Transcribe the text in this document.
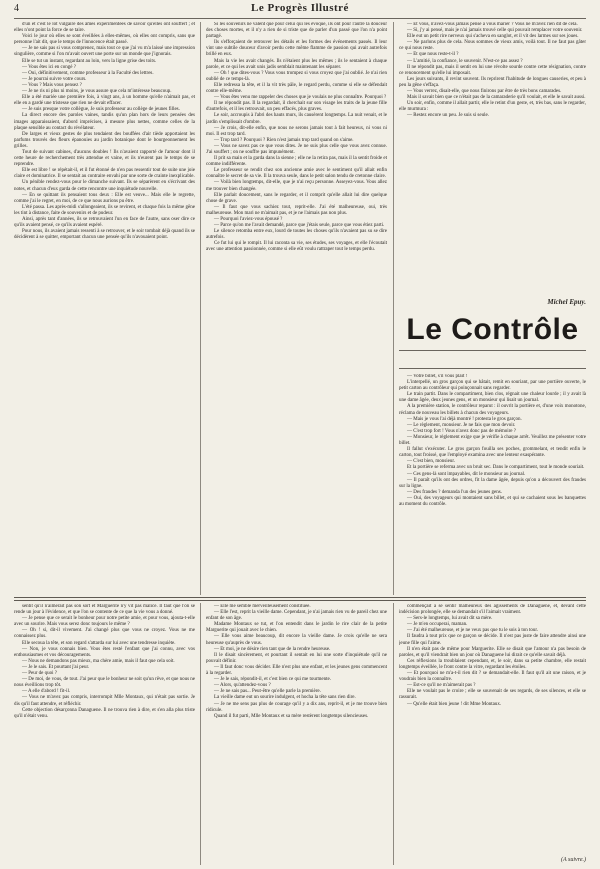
4	Le Progrès Illustré

d'un et c'est le lot vulgaire des âmes expérimentées de savoir qu'elles ont souffert ; et elles n'ont point la force de se taire.

Voici le jour où elles se sont éveillées à elles-mêmes, où elles ont compris, sans que personne l'ait dit, que le temps de l'innocence était passé.

— Je ne sais pas si vous comprenez, mais tout ce que j'ai vu m'a laissé une impression singulière, comme si l'on m'avait ouvert une porte sur un monde que j'ignorais.

Elle se tut un instant, regardant au loin, vers la ligne grise des toits.

— Vous êtes ici en congé ?

— Oui, définitivement, comme professeur à la Faculté des lettres.

— Je pourrai suivre votre cours.

— Vous ? Mais vous pensez ?

— Je ne ris ni plus ni moins, je vous assure que cela m'intéresse beaucoup.

Elle a été mariée une première fois, à vingt ans, à un homme qu'elle n'aimait pas, et elle en a gardé une tristesse que rien ne devait effacer.

— Je suis presque votre collègue, Je suis professeur au collège de jeunes filles.

La direct encore des paroles vaines, tandis qu'un plan hors de leurs pensées des images apparaissaient, d'abord imprécises, à mesure plus nettes, comme celles de la plaque sensible au contact du révélateur.

De larges et vieux gestes de plus tendaient des bouffées d'air tiède apportaient les parfums trouvés des fleurs épanouies au jardin botanique dont le bourgeonnement les grilles.

Tout de suivant cabines, d'aucuns doubles ! Ils n'avaient rapporté de l'amour dont il cette heure de recherchement très attendue et vaine, et ils n'eurent pas le temps de se reprendre.

Elle est libre ! se répétait-il, et il fut étonné de n'en pas ressentir tout de suite une joie claire et dominatrice. Il se sentait au contraire envahi par une sorte de crainte inexplicable.

Un pénible rendez-vous pour le dimanche suivant. Ils se séparèrent en s'écrivant des notes, et chacun d'eux garda de cette rencontre une inquiétude nouvelle.

— En se quittant ils pensaient tous deux : Elle est veuve... Mais elle le regrette, comme j'ai le regret, en moi, de ce que nous aurions pu être.

L'été passa. Les après-midi s'allongeaient, ils se revirent, et chaque fois la même gêne les tint à distance, faite de souvenirs et de pudeur.

Ainsi, après tant d'années, ils se retrouvaient l'un en face de l'autre, sans oser dire ce qu'ils avaient pensé, ce qu'ils avaient espéré.

Pour nous, ils avaient jamais ressenti à se retrouver, et le soir tombait déjà quand ils se décidèrent à se quitter, emportant chacun une pensée qu'ils n'avouaient point.

Si les souvenirs ne valent que pour celui qui les évoque, ils ont pour l'autre la douceur des choses mortes, et il n'y a rien de si triste que de parler d'un passé que l'on n'a point partagé.

Ils s'efforçaient de retrouver les détails et les formes des événements passés. Il leur vint une subtile douceur d'avoir perdu cette même flamme de passion qui avait autrefois brillé en eux.

Mais la vie les avait changés. Ils n'étaient plus les mêmes ; ils le sentaient à chaque parole, et ce qui les avait unis jadis semblait maintenant les séparer.

— Oh ! que dites-vous ? Vous vous trompez si vous croyez que j'ai oublié. Je n'ai rien oublié de ce temps-là.

Elle redressa la tête, et il la vit très pâle, le regard perdu, comme si elle se défendait contre elle-même.

— Vous êtes venu me rappeler des choses que je voulais ne plus connaître. Pourquoi ?

Il ne répondit pas. Il la regardait, il cherchait sur son visage les traits de la jeune fille d'autrefois, et il les retrouvait, un peu effacés, plus graves.

Le soir, accroupis à l'abri des hauts murs, ils causèrent longtemps. La nuit venait, et le jardin s'emplissait d'ombre.

— Je crois, dit-elle enfin, que nous ne serons jamais tout à fait heureux, ni vous ni moi. Il est trop tard.

— Trop tard ? Pourquoi ? Rien n'est jamais trop tard quand on s'aime.

— Vous ne savez pas ce que vous dites. Je ne suis plus celle que vous avez connue. J'ai souffert ; on ne souffre pas impunément.

Il prit sa main et la garda dans la sienne ; elle ne la retira pas, mais il la sentit froide et comme indifférente.

Le professeur se rendit chez son ancienne amie avec le sentiment qu'il allait enfin connaître le secret de sa vie. Il la trouva seule, dans le petit salon tendu de cretonne claire.

— Voilà bien longtemps, dit-elle, que je n'ai reçu personne. Asseyez-vous. Vous allez me trouver bien changée.

Elle parlait doucement, sans le regarder, et il comprit qu'elle allait lui dire quelque chose de grave.

— Il faut que vous sachiez tout, reprit-elle. J'ai été malheureuse, oui, très malheureuse. Mon mari ne m'aimait pas, et je ne l'aimais pas non plus.

— Pourquoi l'aviez-vous épousé ?

— Parce qu'on me l'avait demandé, parce que j'étais seule, parce que vous étiez parti.

Le silence retomba entre eux, lourd de toutes les choses qu'ils n'avaient pas su se dire autrefois.

Ce fut lui qui le rompit. Il lui raconta sa vie, ses études, ses voyages, et elle l'écoutait avec une attention passionnée, comme si elle eût voulu rattraper tout le temps perdu.

— Et vous, n'avez-vous jamais pensé à vous marier ? Vous ne m'avez rien dit de cela.

— Si, j'y ai pensé, mais je n'ai jamais trouvé celle qui pouvait remplacer votre souvenir.

Elle eut un petit rire nerveux qui s'acheva en sanglot, et il vit des larmes sur ses joues.

— Ne parlons plus de cela. Nous sommes de vieux amis, voilà tout. Il ne faut pas gâter ce qui nous reste.

— Et que nous reste-t-il ?

— L'amitié, la confiance, le souvenir. N'est-ce pas assez ?

Il ne répondit pas, mais il sentit en lui une révolte sourde contre cette résignation, contre ce renoncement qu'elle lui imposait.

Les jours suivants, il revint souvent. Ils reprirent l'habitude de longues causeries, et peu à peu la gêne s'effaça.

— Vous verrez, disait-elle, que nous finirons par être de très bons camarades.

Mais il savait bien que ce n'était pas de la camaraderie qu'il voulait, et elle le savait aussi.

Un soir, enfin, comme il allait partir, elle le retint d'un geste, et, très bas, sans le regarder, elle murmura :

— Restez encore un peu. Je suis si seule.

Michel Epuy.
Le Contrôle

— Votre billet, s'il vous plaît !

L'interpellé, un gros garçon qui se hâtait, remit en souriant, par une portière ouverte, le petit carton au contrôleur qui poinçonnait sans regarder.

Le train partit. Dans le compartiment, bien clos, régnait une chaleur lourde ; il y avait là une dame âgée, deux jeunes gens, et un monsieur qui lisait un journal.

A la première station, le contrôleur reparut : il ouvrit la portière et, d'une voix monotone, réclama de nouveau les billets à chacun des voyageurs.

— Mais je vous l'ai déjà montré ! protesta le gros garçon.

— Le règlement, monsieur. Je ne fais que mon devoir.

— C'est trop fort ! Vous n'avez donc pas de mémoire ?

— Monsieur, le règlement exige que je vérifie à chaque arrêt. Veuillez me présenter votre billet.

Il fallut s'exécuter. Le gros garçon fouilla ses poches, grommelant, et tendit enfin le carton, tout froissé, que l'employé examina avec une lenteur exaspérante.

— C'est bien, monsieur.

Et la portière se referma avec un bruit sec. Dans le compartiment, tout le monde souriait.

— Ces gens-là sont impayables, dit le monsieur au journal.

— Il paraît qu'ils ont des ordres, fit la dame âgée, depuis qu'on a découvert des fraudes sur la ligne.

— Des fraudes ? demanda l'un des jeunes gens.

— Oui, des voyageurs qui montaient sans billet, et qui se cachaient sous les banquettes au moment du contrôle.

sentit qu'il n'aimerait pas son sort et Marguerite n'y vit pas malice. Il faut que l'on se rende un jour à l'évidence, et que l'on se contente de ce que la vie vous a donné.

— Je pense que ce serait le bonheur pour notre petite amie, et pour vous, ajouta-t-elle avec un sourire. Mais vous serez donc toujours le même ?

— Oh ! si, dit-il vivement. J'ai changé plus que vous ne croyez. Vous ne me connaissez plus.

Elle secoua la tête, et son regard s'attarda sur lui avec une tendresse inquiète.

— Non, je vous connais bien. Vous êtes resté l'enfant que j'ai connu, avec vos enthousiasmes et vos découragements.

— Nous ne demandons pas mieux, ma chère amie, mais il faut que cela soit.

— Je le sais. Et pourtant j'ai peur.

— Peur de quoi ?

— De moi, de vous, de tout. J'ai peur que le bonheur ne soit qu'un rêve, et que nous ne nous éveillions trop tôt.

— A elle d'abord ! fit-il.

— Vous ne m'avez pas compris, interrompit Mlle Montaux, qui n'était pas sortie. Je dis qu'il faut attendre, et réfléchir.

Cette objection désarçonna Danaguene. Il ne trouva rien à dire, et s'en alla plus triste qu'il n'était venu.

— Elle me semble merveilleusement constituée.

— Elle l'est, reprit la vieille dame. Cependant, je n'ai jamais rien vu de pareil chez une enfant de son âge.

Madame Montaux se tut, et l'on entendit dans le jardin le rire clair de la petite Marguerite qui jouait avec le chien.

— Elle vous aime beaucoup, dit encore la vieille dame. Je crois qu'elle ne sera heureuse qu'auprès de vous.

— Et moi, je ne désire rien tant que de la rendre heureuse.

Il le disait sincèrement, et pourtant il sentait en lui une sorte d'inquiétude qu'il ne pouvait définir.

— Il faut donc vous décider. Elle n'est plus une enfant, et les jeunes gens commencent à la regarder.

— Je le sais, répondit-il, et c'est bien ce qui me tourmente.

— Alors, qu'attendez-vous ?

— Je ne sais pas... Peut-être qu'elle parle la première.

La vieille dame eut un sourire indulgent, et hocha la tête sans rien dire.

— Je ne me sens pas plus de courage qu'il y a dix ans, reprit-il, et je me trouve bien ridicule.

Quand il fut parti, Mlle Montaux et sa mère restèrent longtemps silencieuses.

commençait à se sentir malheureux des agissements de Danaguene, et, devant cette indécision prolongée, elle se demandait s'il l'aimait vraiment.

— Sers-le longtemps, lui avait dit sa mère.

— Je m'en occuperai, maman.

— J'ai été malheureuse, et je ne veux pas que tu le sois à ton tour.

Il faudra à tout prix que ce garçon se décide. Il n'est pas juste de faire attendre ainsi une jeune fille qui l'aime.

Il n'en était pas de même pour Marguerite. Elle se disait que l'amour n'a pas besoin de paroles, et qu'il viendrait bien un jour où Danaguene lui dirait ce qu'elle savait déjà.

Ces réflexions la troublaient cependant, et, le soir, dans sa petite chambre, elle restait longtemps éveillée, le front contre la vitre, regardant les étoiles.

— Et pourquoi ne m'a-t-il rien dit ? se demandait-elle. Il faut qu'il ait une raison, et je voudrais bien la connaître.

— Est-ce qu'il ne m'aimerait pas ?

Elle ne voulait pas le croire ; elle se souvenait de ses regards, de ses silences, et elle se rassurait.

— Qu'elle était bien jeune ! dit Mme Montaux.

(A suivre.)
